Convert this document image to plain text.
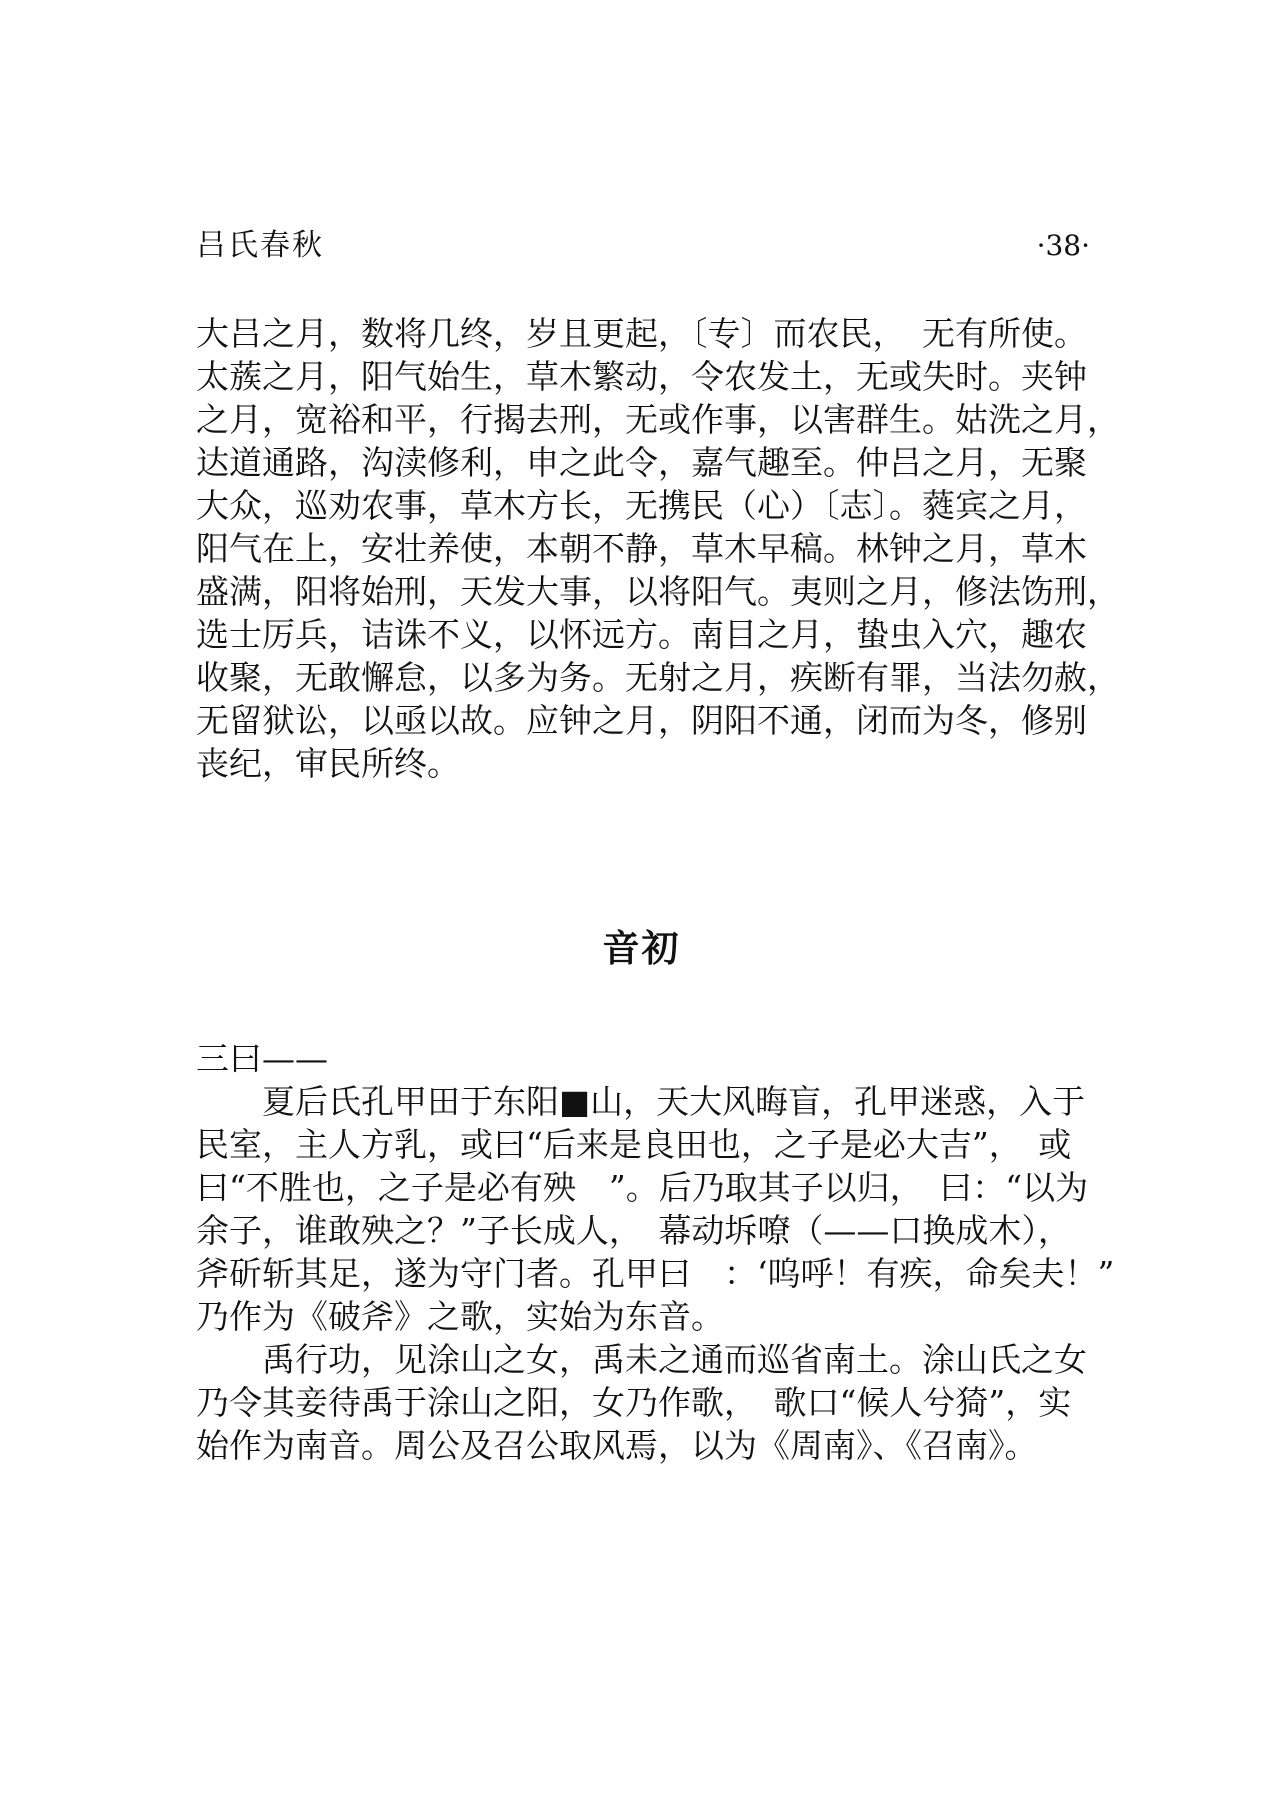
吕氏春秋	·38·
大吕之月，数将几终，岁且更起，〔专〕而农民，　无有所使。
太蔟之月，阳气始生，草木繁动，令农发土，无或失时。夹钟
之月，宽裕和平，行揭去刑，无或作事，以害群生。姑洗之月，
达道通路，沟渎修利，申之此令，嘉气趣至。仲吕之月，无聚
大众，巡劝农事，草木方长，无携民（心）〔志〕。蕤宾之月，
阳气在上，安壮养使，本朝不静，草木早稿。林钟之月，草木
盛满，阳将始刑，天发大事，以将阳气。夷则之月，修法饬刑，
选士厉兵，诘诛不义，以怀远方。南目之月，蛰虫入穴，趣农
收聚，无敢懈怠，以多为务。无射之月，疾断有罪，当法勿赦，
无留狱讼，以亟以故。应钟之月，阴阳不通，闭而为冬，修别
丧纪，审民所终。
音初
三曰——
夏后氏孔甲田于东阳■山，天大风晦盲，孔甲迷惑，入于
民室，主人方乳，或曰“后来是良田也，之子是必大吉”，　或
曰“不胜也，之子是必有殃　”。后乃取其子以归，　曰：“以为
余子，谁敢殃之？”子长成人，　幕动坼嘹（——口换成木），
斧斫斩其足，遂为守门者。孔甲曰　：‘呜呼！有疾，命矣夫！”
乃作为《破斧》之歌，实始为东音。
禹行功，见涂山之女，禹未之通而巡省南土。涂山氏之女
乃令其妾待禹于涂山之阳，女乃作歌，　歌口“候人兮猗”，实
始作为南音。周公及召公取风焉，以为《周南》、《召南》。
